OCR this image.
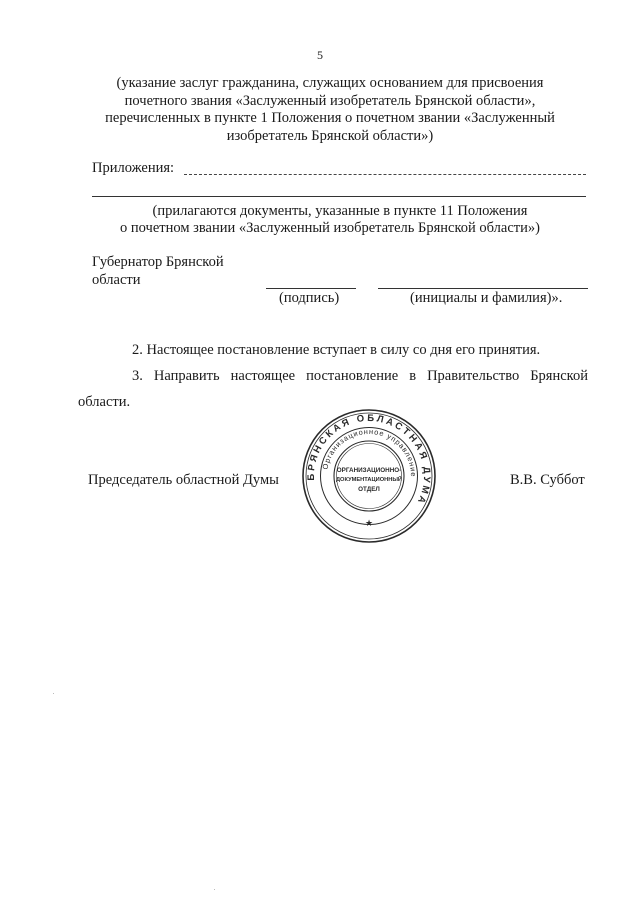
5
(указание заслуг гражданина, служащих основанием для присвоения
почетного звания «Заслуженный изобретатель Брянской области»,
перечисленных в пункте 1 Положения о почетном звании «Заслуженный
изобретатель Брянской области»)
Приложения:
(прилагаются документы, указанные в пункте 11 Положения
о почетном звании «Заслуженный изобретатель Брянской области»)
Губернатор Брянской
области
(подпись)	(инициалы и фамилия)».
2. Настоящее постановление вступает в силу со дня его принятия.
3. Направить настоящее постановление в Правительство Брянской
области.
Председатель областной Думы	В.В. Суббот
БРЯНСКАЯ ОБЛАСТНАЯ ДУМА
Организационное управление
★
ОРГАНИЗАЦИОННО-
ДОКУМЕНТАЦИОННЫЙ
ОТДЕЛ
